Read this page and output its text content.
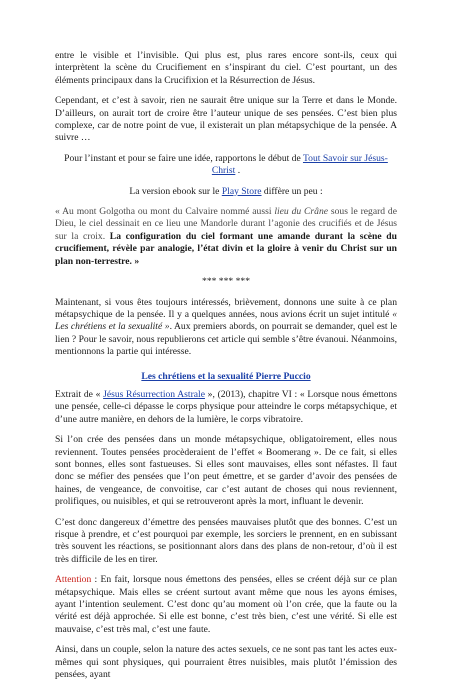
entre le visible et l’invisible. Qui plus est, plus rares encore sont-ils, ceux qui interprètent la scène du Crucifiement en s’inspirant du ciel. C’est pourtant, un des éléments principaux dans la Crucifixion et la Résurrection de Jésus.

Cependant, et c’est à savoir, rien ne saurait être unique sur la Terre et dans le Monde. D’ailleurs, on aurait tort de croire être l’auteur unique de ses pensées. C’est bien plus complexe, car de notre point de vue, il existerait un plan métapsychique de la pensée. A suivre …

Pour l’instant et pour se faire une idée, rapportons le début de Tout Savoir sur Jésus-Christ .

La version ebook sur le Play Store diffère un peu :

« Au mont Golgotha ou mont du Calvaire nommé aussi lieu du Crâne sous le regard de Dieu, le ciel dessinait en ce lieu une Mandorle durant l’agonie des crucifiés et de Jésus sur la croix. La configuration du ciel formant une amande durant la scène du crucifiement, révèle par analogie, l’état divin et la gloire à venir du Christ sur un plan non-terrestre. »

*** *** ***

Maintenant, si vous êtes toujours intéressés, brièvement, donnons une suite à ce plan métapsychique de la pensée. Il y a quelques années, nous avions écrit un sujet intitulé « Les chrétiens et la sexualité ». Aux premiers abords, on pourrait se demander, quel est le lien ? Pour le savoir, nous republierons cet article qui semble s’être évanoui. Néanmoins, mentionnons la partie qui intéresse.

Les chrétiens et la sexualité Pierre Puccio

Extrait de « Jésus Résurrection Astrale », (2013), chapitre VI : « Lorsque nous émettons une pensée, celle-ci dépasse le corps physique pour atteindre le corps métapsychique, et d’une autre manière, en dehors de la lumière, le corps vibratoire.

Si l’on crée des pensées dans un monde métapsychique, obligatoirement, elles nous reviennent. Toutes pensées procèderaient de l’effet « Boomerang ». De ce fait, si elles sont bonnes, elles sont fastueuses. Si elles sont mauvaises, elles sont néfastes. Il faut donc se méfier des pensées que l’on peut émettre, et se garder d’avoir des pensées de haines, de vengeance, de convoitise, car c’est autant de choses qui nous reviennent, prolifiques, ou nuisibles, et qui se retrouveront après la mort, influant le devenir.

C’est donc dangereux d’émettre des pensées mauvaises plutôt que des bonnes. C’est un risque à prendre, et c’est pourquoi par exemple, les sorciers le prennent, en en subissant très souvent les réactions, se positionnant alors dans des plans de non-retour, d’où il est très difficile de les en tirer.

Attention : En fait, lorsque nous émettons des pensées, elles se créent déjà sur ce plan métapsychique. Mais elles se créent surtout avant même que nous les ayons émises, ayant l’intention seulement. C’est donc qu’au moment où l’on crée, que la faute ou la vérité est déjà approchée. Si elle est bonne, c’est très bien, c’est une vérité. Si elle est mauvaise, c’est très mal, c’est une faute.

Ainsi, dans un couple, selon la nature des actes sexuels, ce ne sont pas tant les actes eux-mêmes qui sont physiques, qui pourraient êtres nuisibles, mais plutôt l’émission des pensées, ayant
